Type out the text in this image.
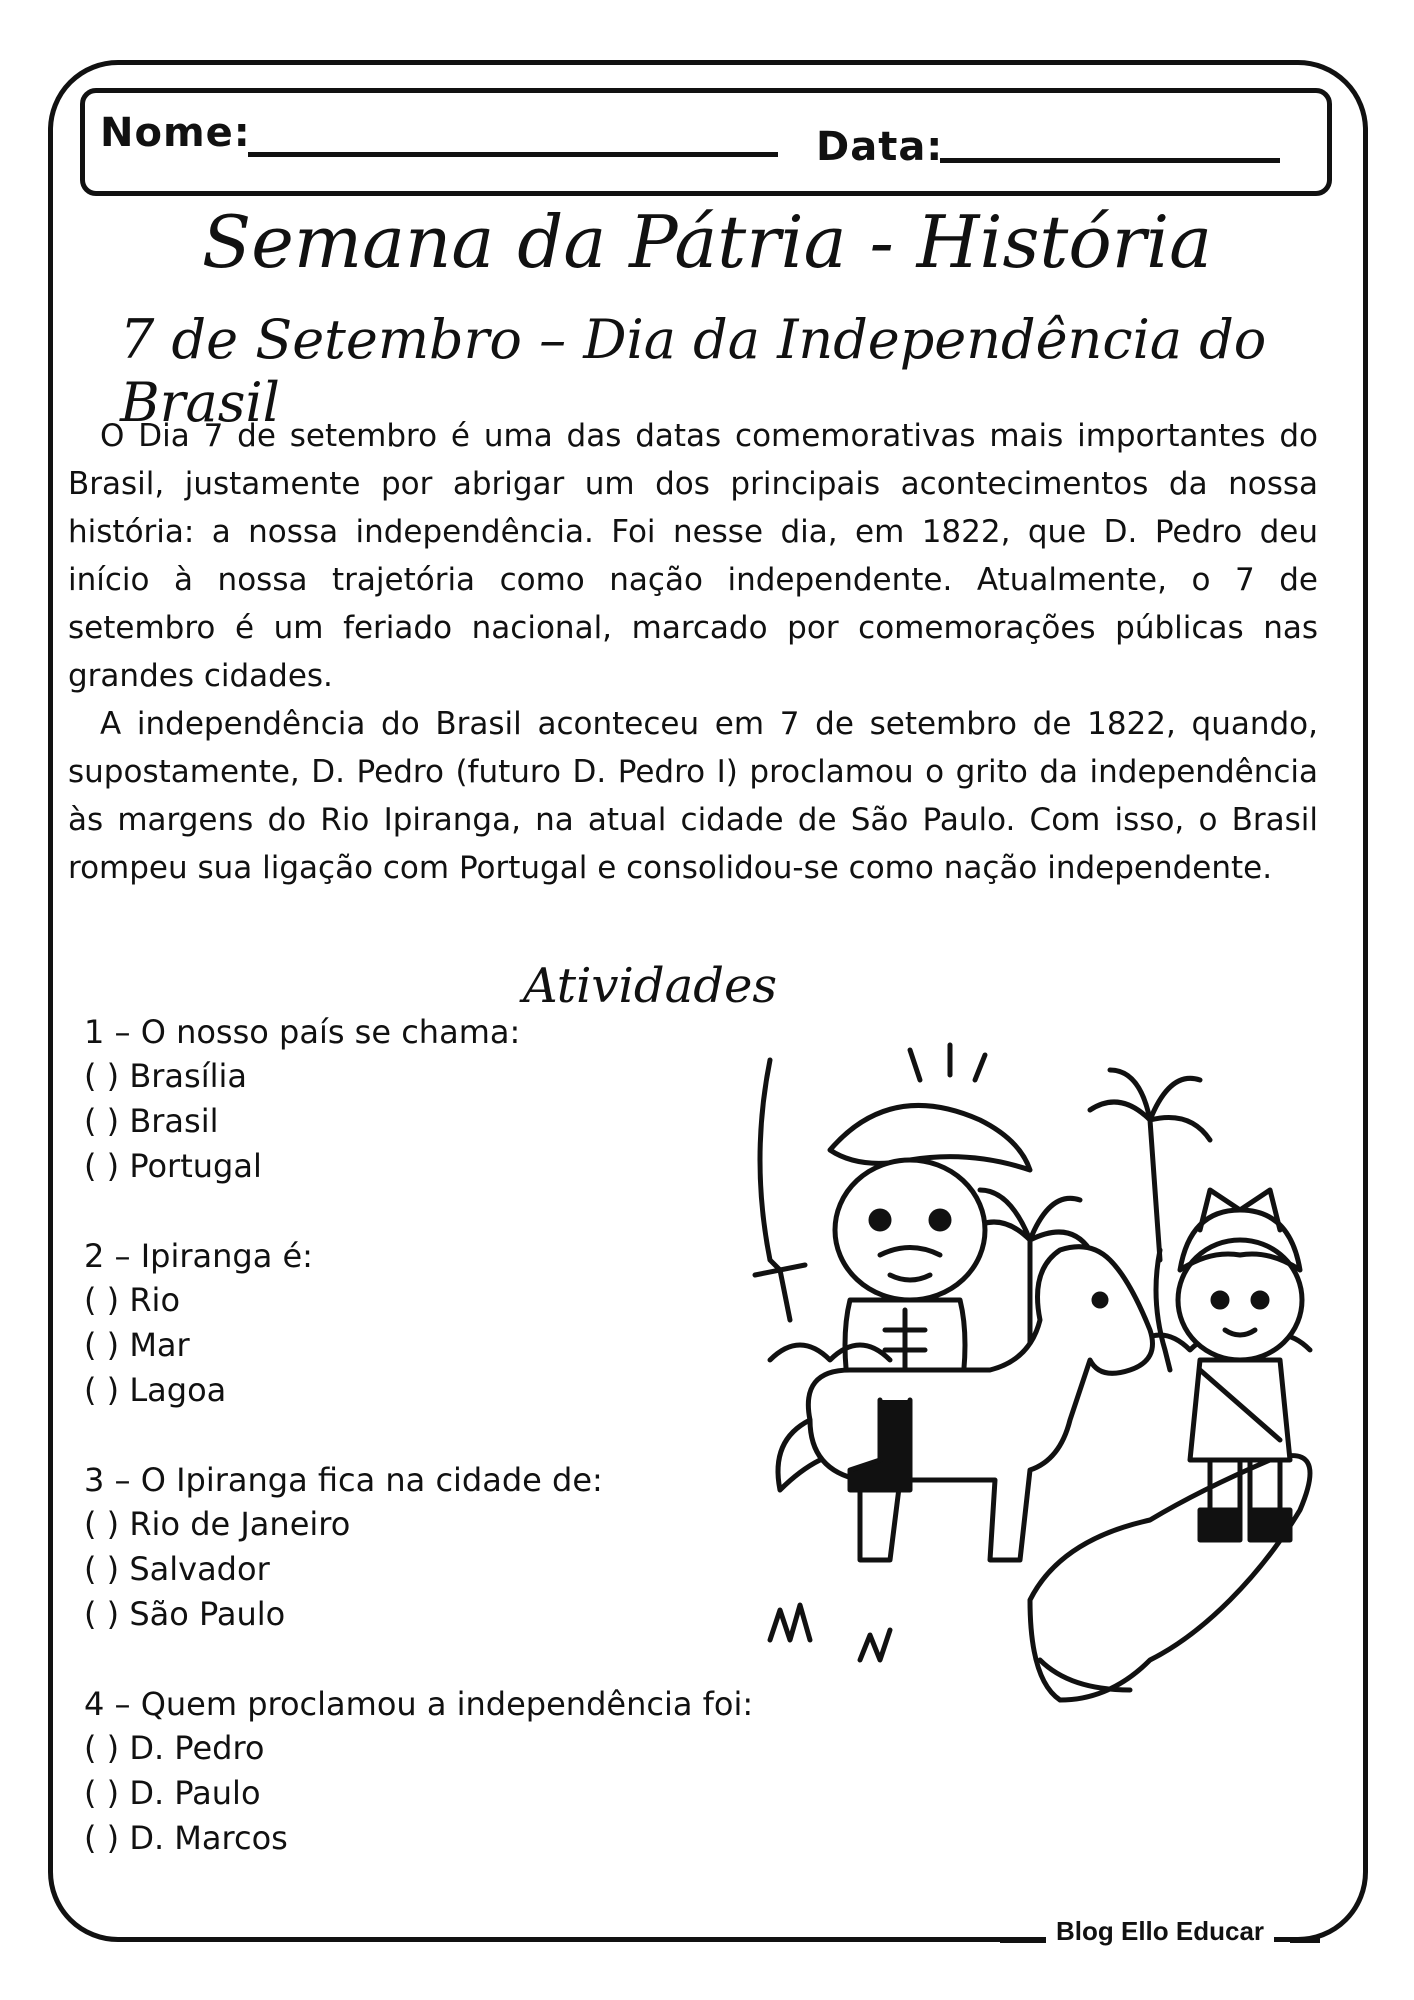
Nome:	Data:
Semana da Pátria - História
7 de Setembro – Dia da Independência do Brasil

O Dia 7 de setembro é uma das datas comemorativas mais importantes do Brasil, justamente por abrigar um dos principais acontecimentos da nossa história: a nossa independência. Foi nesse dia, em 1822, que D. Pedro deu início à nossa trajetória como nação independente. Atualmente, o 7 de setembro é um feriado nacional, marcado por comemorações públicas nas grandes cidades.

A independência do Brasil aconteceu em 7 de setembro de 1822, quando, supostamente, D. Pedro (futuro D. Pedro I) proclamou o grito da independência às margens do Rio Ipiranga, na atual cidade de São Paulo. Com isso, o Brasil rompeu sua ligação com Portugal e consolidou-se como nação independente.

Atividades
1 – O nosso país se chama:
( ) Brasília
( ) Brasil
( ) Portugal
2 – Ipiranga é:
( ) Rio
( ) Mar
( ) Lagoa
3 – O Ipiranga fica na cidade de:
( ) Rio de Janeiro
( ) Salvador
( ) São Paulo
4 – Quem proclamou a independência foi:
( ) D. Pedro
( ) D. Paulo
( ) D. Marcos
Blog Ello Educar
